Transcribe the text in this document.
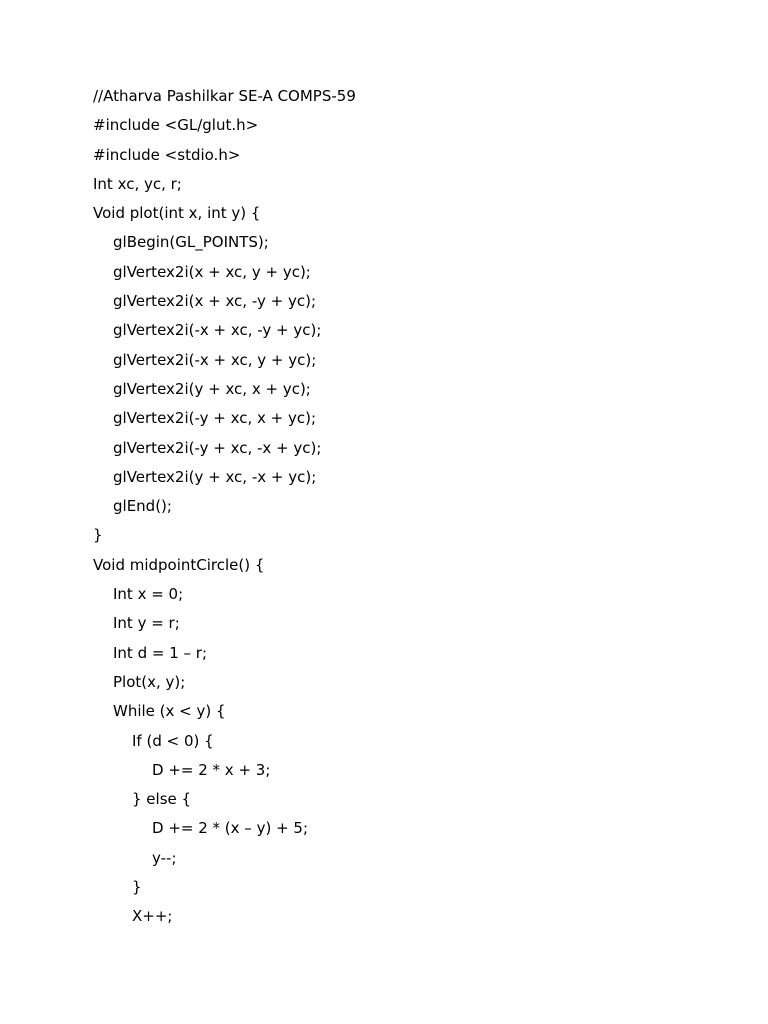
//Atharva Pashilkar SE-A COMPS-59
#include <GL/glut.h>
#include <stdio.h>
Int xc, yc, r;
Void plot(int x, int y) {
glBegin(GL_POINTS);
glVertex2i(x + xc, y + yc);
glVertex2i(x + xc, -y + yc);
glVertex2i(-x + xc, -y + yc);
glVertex2i(-x + xc, y + yc);
glVertex2i(y + xc, x + yc);
glVertex2i(-y + xc, x + yc);
glVertex2i(-y + xc, -x + yc);
glVertex2i(y + xc, -x + yc);
glEnd();
}
Void midpointCircle() {
Int x = 0;
Int y = r;
Int d = 1 – r;
Plot(x, y);
While (x < y) {
If (d < 0) {
D += 2 * x + 3;
} else {
D += 2 * (x – y) + 5;
y--;
}
X++;
